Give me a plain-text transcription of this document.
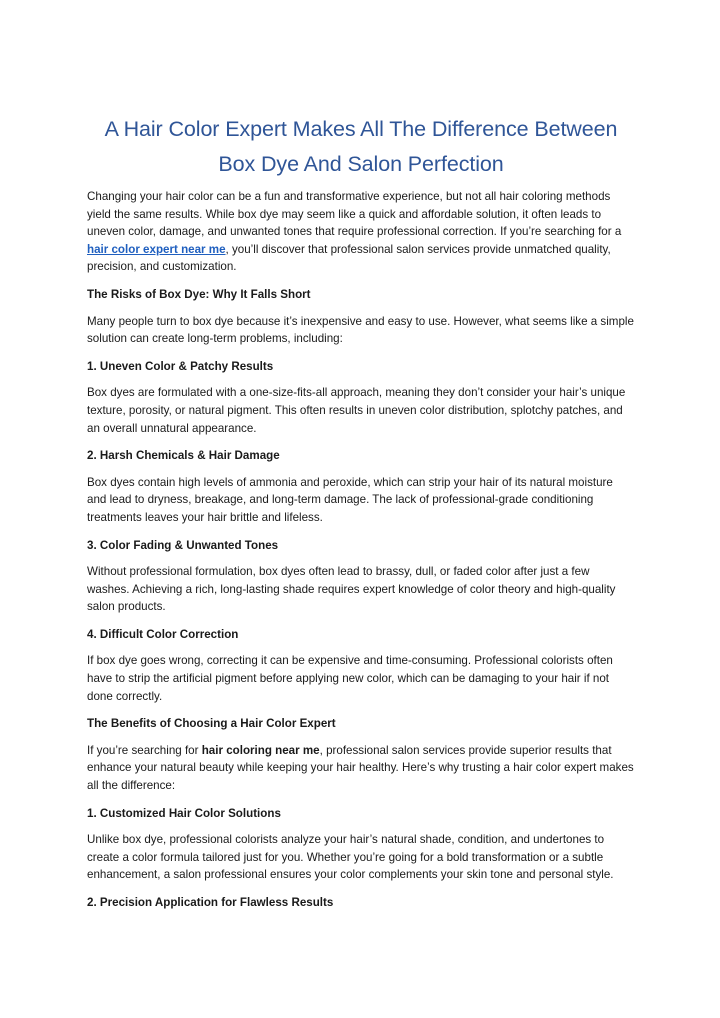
A Hair Color Expert Makes All The Difference Between
Box Dye And Salon Perfection

Changing your hair color can be a fun and transformative experience, but not all hair coloring methods yield the same results. While box dye may seem like a quick and affordable solution, it often leads to uneven color, damage, and unwanted tones that require professional correction. If you’re searching for a hair color expert near me, you’ll discover that professional salon services provide unmatched quality, precision, and customization.

The Risks of Box Dye: Why It Falls Short

Many people turn to box dye because it’s inexpensive and easy to use. However, what seems like a simple solution can create long-term problems, including:

1. Uneven Color & Patchy Results

Box dyes are formulated with a one-size-fits-all approach, meaning they don’t consider your hair’s unique texture, porosity, or natural pigment. This often results in uneven color distribution, splotchy patches, and an overall unnatural appearance.

2. Harsh Chemicals & Hair Damage

Box dyes contain high levels of ammonia and peroxide, which can strip your hair of its natural moisture and lead to dryness, breakage, and long-term damage. The lack of professional-grade conditioning treatments leaves your hair brittle and lifeless.

3. Color Fading & Unwanted Tones

Without professional formulation, box dyes often lead to brassy, dull, or faded color after just a few washes. Achieving a rich, long-lasting shade requires expert knowledge of color theory and high-quality salon products.

4. Difficult Color Correction

If box dye goes wrong, correcting it can be expensive and time-consuming. Professional colorists often have to strip the artificial pigment before applying new color, which can be damaging to your hair if not done correctly.

The Benefits of Choosing a Hair Color Expert

If you’re searching for hair coloring near me, professional salon services provide superior results that enhance your natural beauty while keeping your hair healthy. Here’s why trusting a hair color expert makes all the difference:

1. Customized Hair Color Solutions

Unlike box dye, professional colorists analyze your hair’s natural shade, condition, and undertones to create a color formula tailored just for you. Whether you’re going for a bold transformation or a subtle enhancement, a salon professional ensures your color complements your skin tone and personal style.

2. Precision Application for Flawless Results
